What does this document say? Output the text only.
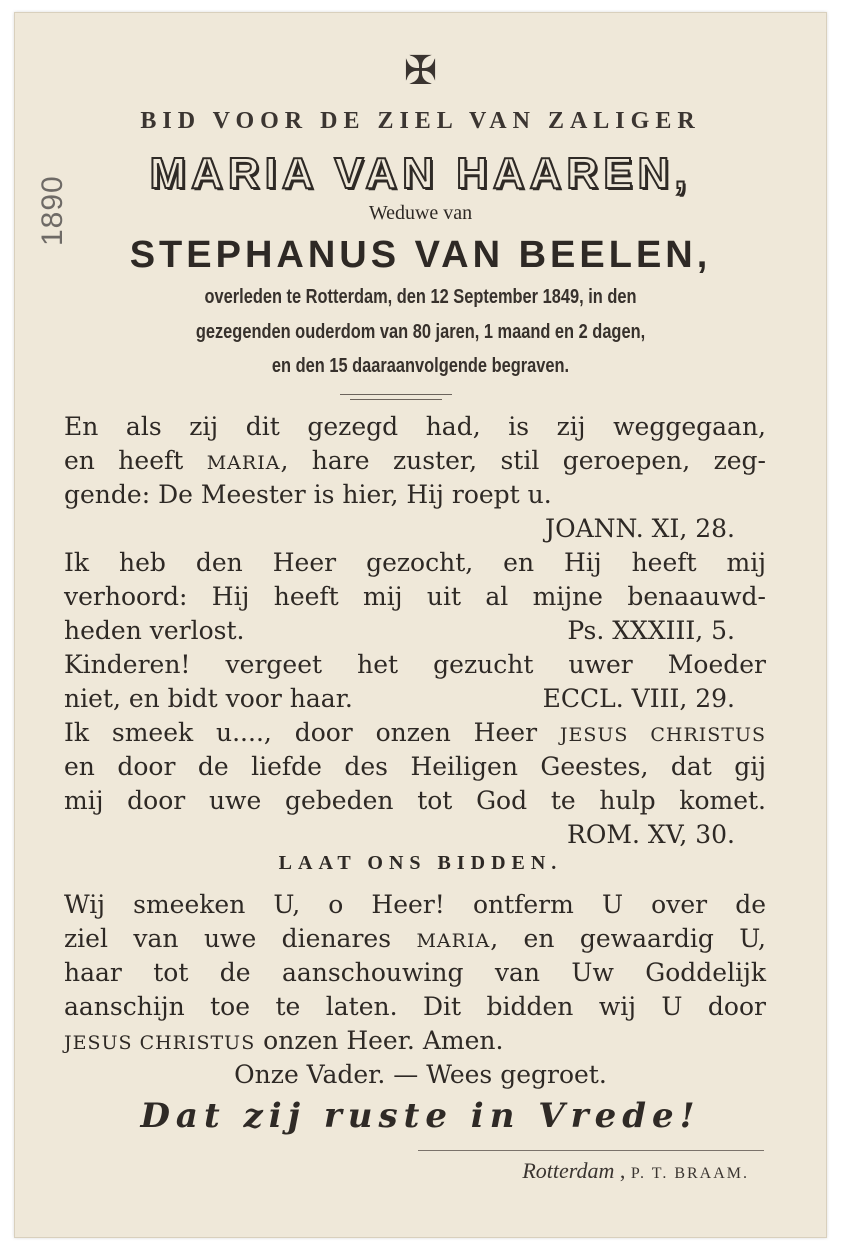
1890
✠
BID VOOR DE ZIEL VAN ZALIGER
MARIA VAN HAAREN,
Weduwe van
STEPHANUS VAN BEELEN,
overleden te Rotterdam, den 12 September 1849, in den
gezegenden ouderdom van 80 jaren, 1 maand en 2 dagen,
en den 15 daaraanvolgende begraven.
En als zij dit gezegd had, is zij weggegaan,
en heeft MARIA, hare zuster, stil geroepen, zeg-
gende: De Meester is hier, Hij roept u.
JOANN. XI, 28.
Ik heb den Heer gezocht, en Hij heeft mij
verhoord: Hij heeft mij uit al mijne benaauwd-
heden verlost.	Ps. XXXIII, 5.
Kinderen! vergeet het gezucht uwer Moeder
niet, en bidt voor haar.	ECCL. VIII, 29.
Ik smeek u...., door onzen Heer JESUS CHRISTUS
en door de liefde des Heiligen Geestes, dat gij
mij door uwe gebeden tot God te hulp komet.
ROM. XV, 30.
LAAT ONS BIDDEN.
Wij smeeken U, o Heer! ontferm U over de
ziel van uwe dienares MARIA, en gewaardig U,
haar tot de aanschouwing van Uw Goddelijk
aanschijn toe te laten. Dit bidden wij U door
JESUS CHRISTUS onzen Heer. Amen.
Onze Vader. — Wees gegroet.
Dat zij ruste in Vrede!
Rotterdam , P. T. BRAAM.
